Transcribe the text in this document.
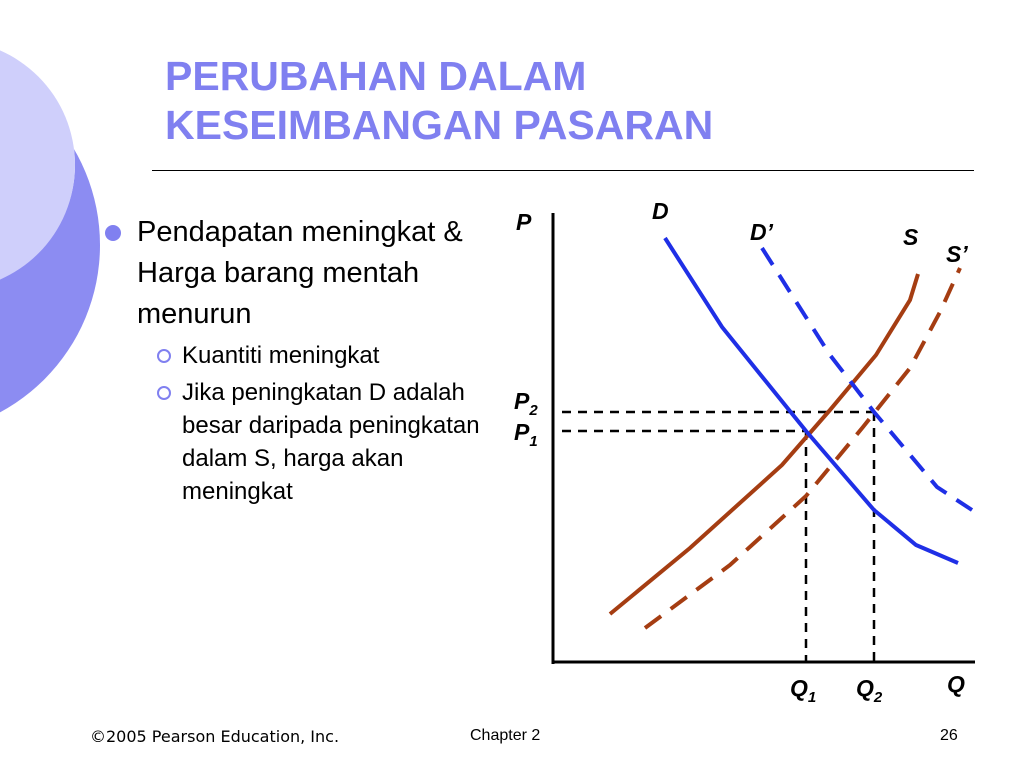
PERUBAHAN DALAM
KESEIMBANGAN PASARAN
Pendapatan meningkat & Harga barang mentah menurun
Kuantiti meningkat
Jika peningkatan D adalah besar daripada peningkatan dalam S, harga akan meningkat
P
Q
D
D’	S
S’
$P_2$
$P_1$
$Q_1$ $Q_2$
©2005 Pearson Education, Inc.	Chapter 2	26
